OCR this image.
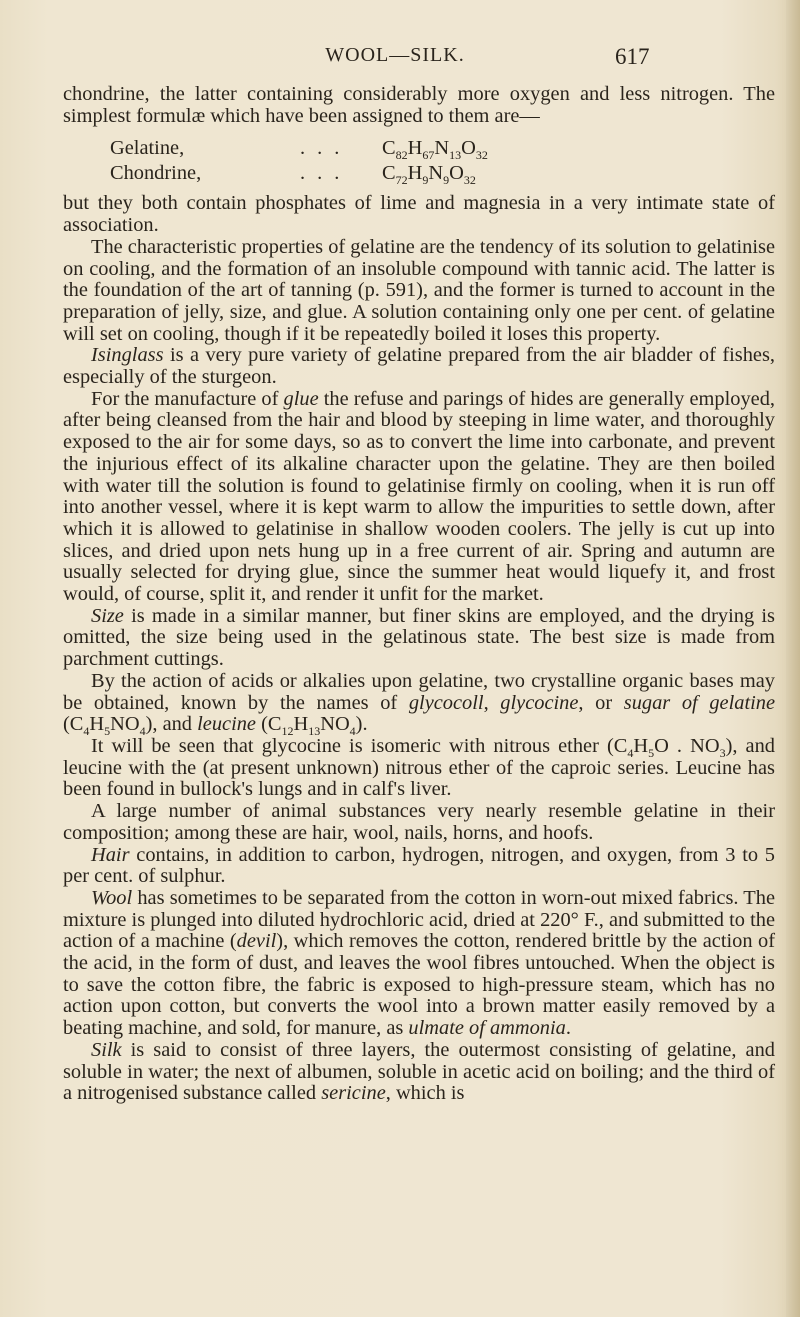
WOOL—SILK.	617

chondrine, the latter containing considerably more oxygen and less nitrogen. The simplest formulæ which have been assigned to them are—

Gelatine,	...	$C_{82}H_{67}N_{13}O_{32}$
Chondrine,	...	$C_{72}H_9N_9O_{32}$

but they both contain phosphates of lime and magnesia in a very intimate state of association.

The characteristic properties of gelatine are the tendency of its solution to gelatinise on cooling, and the formation of an insoluble compound with tannic acid. The latter is the foundation of the art of tanning (p. 591), and the former is turned to account in the preparation of jelly, size, and glue. A solution containing only one per cent. of gelatine will set on cooling, though if it be repeatedly boiled it loses this property.

Isinglass is a very pure variety of gelatine prepared from the air bladder of fishes, especially of the sturgeon.

For the manufacture of glue the refuse and parings of hides are generally employed, after being cleansed from the hair and blood by steeping in lime water, and thoroughly exposed to the air for some days, so as to convert the lime into carbonate, and prevent the injurious effect of its alkaline character upon the gelatine. They are then boiled with water till the solution is found to gelatinise firmly on cooling, when it is run off into another vessel, where it is kept warm to allow the impurities to settle down, after which it is allowed to gelatinise in shallow wooden coolers. The jelly is cut up into slices, and dried upon nets hung up in a free current of air. Spring and autumn are usually selected for drying glue, since the summer heat would liquefy it, and frost would, of course, split it, and render it unfit for the market.

Size is made in a similar manner, but finer skins are employed, and the drying is omitted, the size being used in the gelatinous state. The best size is made from parchment cuttings.

By the action of acids or alkalies upon gelatine, two crystalline organic bases may be obtained, known by the names of glycocoll, glycocine, or sugar of gelatine $(C_4H_5NO_4)$, and leucine $(C_{12}H_{13}NO_4)$.

It will be seen that glycocine is isomeric with nitrous ether ($C_4H_5O$ . $NO_3$), and leucine with the (at present unknown) nitrous ether of the caproic series. Leucine has been found in bullock's lungs and in calf's liver.

A large number of animal substances very nearly resemble gelatine in their composition; among these are hair, wool, nails, horns, and hoofs.

Hair contains, in addition to carbon, hydrogen, nitrogen, and oxygen, from 3 to 5 per cent. of sulphur.

Wool has sometimes to be separated from the cotton in worn-out mixed fabrics. The mixture is plunged into diluted hydrochloric acid, dried at 220° F., and submitted to the action of a machine (devil), which removes the cotton, rendered brittle by the action of the acid, in the form of dust, and leaves the wool fibres untouched. When the object is to save the cotton fibre, the fabric is exposed to high-pressure steam, which has no action upon cotton, but converts the wool into a brown matter easily removed by a beating machine, and sold, for manure, as ulmate of ammonia.

Silk is said to consist of three layers, the outermost consisting of gelatine, and soluble in water; the next of albumen, soluble in acetic acid on boiling; and the third of a nitrogenised substance called sericine, which is
